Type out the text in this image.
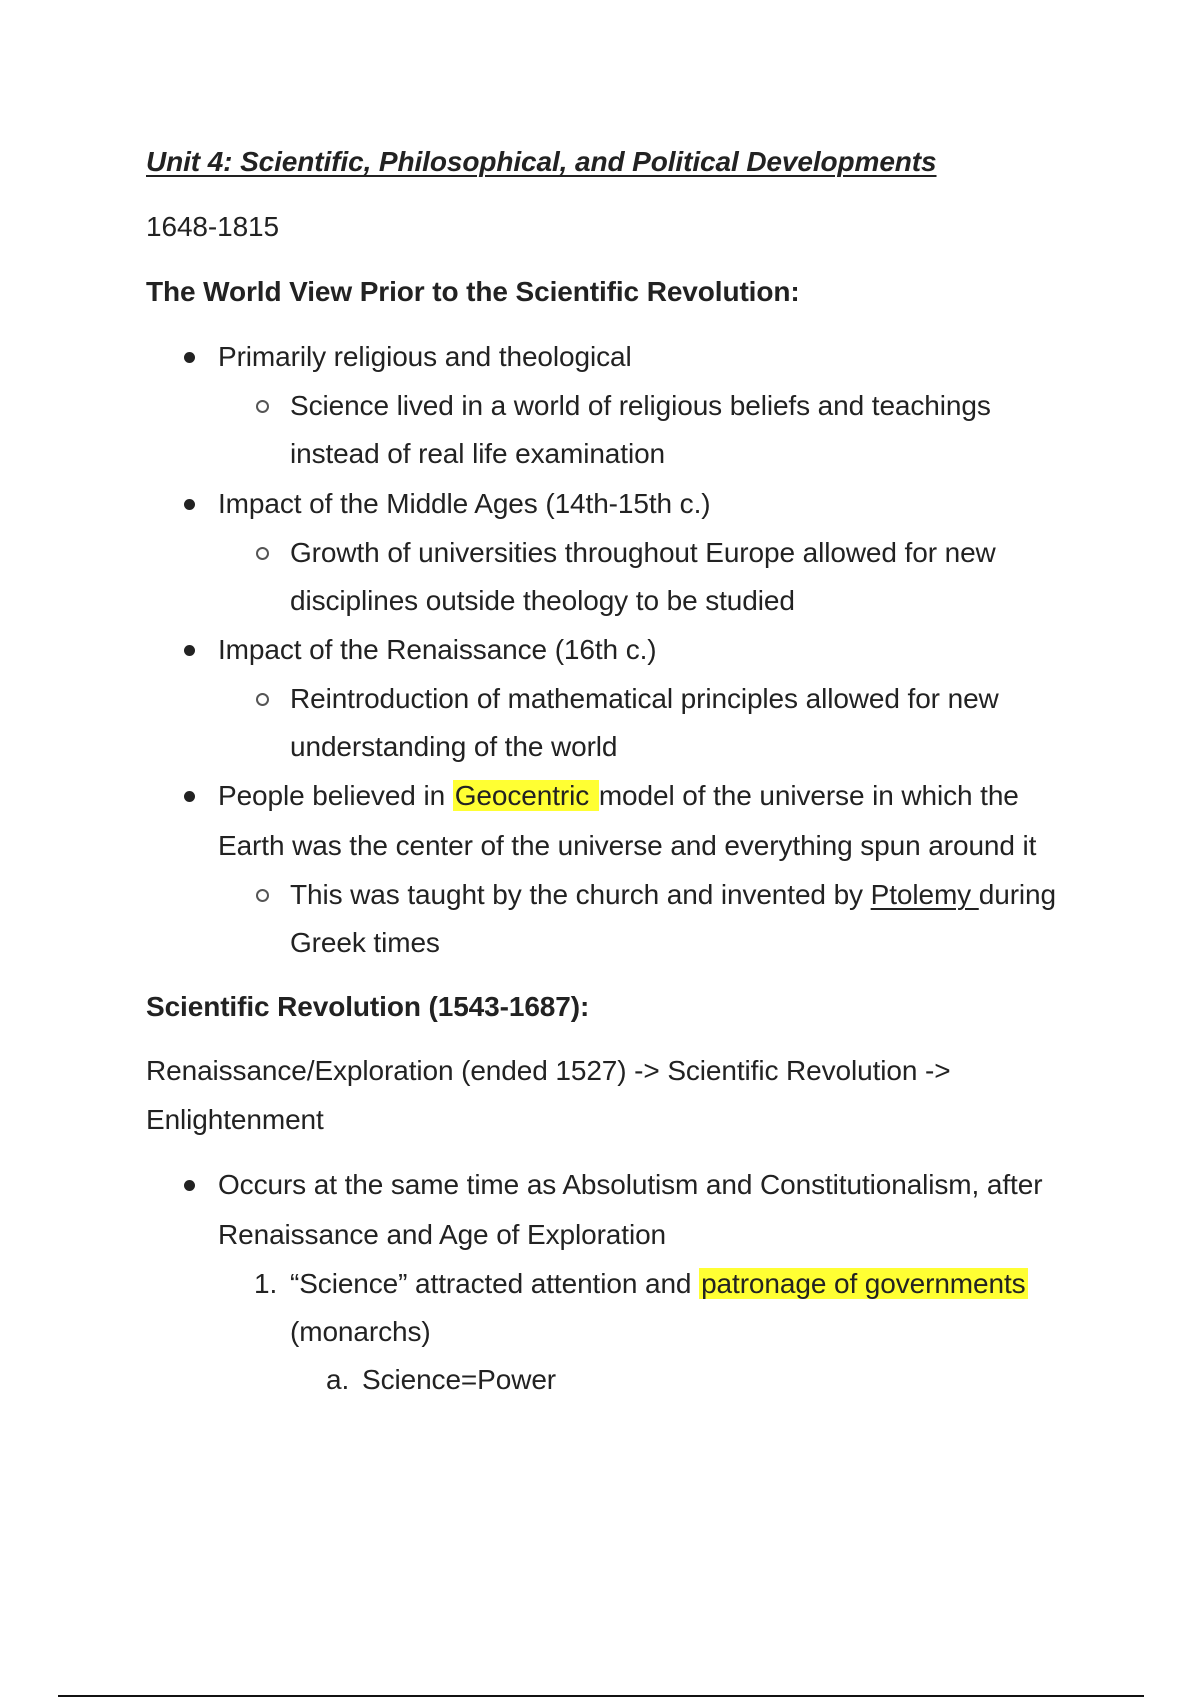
Unit 4: Scientific, Philosophical, and Political Developments
1648-1815
The World View Prior to the Scientific Revolution:
Primarily religious and theological
Science lived in a world of religious beliefs and teachings
instead of real life examination
Impact of the Middle Ages (14th-15th c.)
Growth of universities throughout Europe allowed for new
disciplines outside theology to be studied
Impact of the Renaissance (16th c.)
Reintroduction of mathematical principles allowed for new
understanding of the world
People believed in Geocentric model of the universe in which the
Earth was the center of the universe and everything spun around it
This was taught by the church and invented by Ptolemy during
Greek times
Scientific Revolution (1543-1687):
Renaissance/Exploration (ended 1527) -> Scientific Revolution ->
Enlightenment
Occurs at the same time as Absolutism and Constitutionalism, after
Renaissance and Age of Exploration
1. “Science” attracted attention and patronage of governments
(monarchs)
a. Science=Power
